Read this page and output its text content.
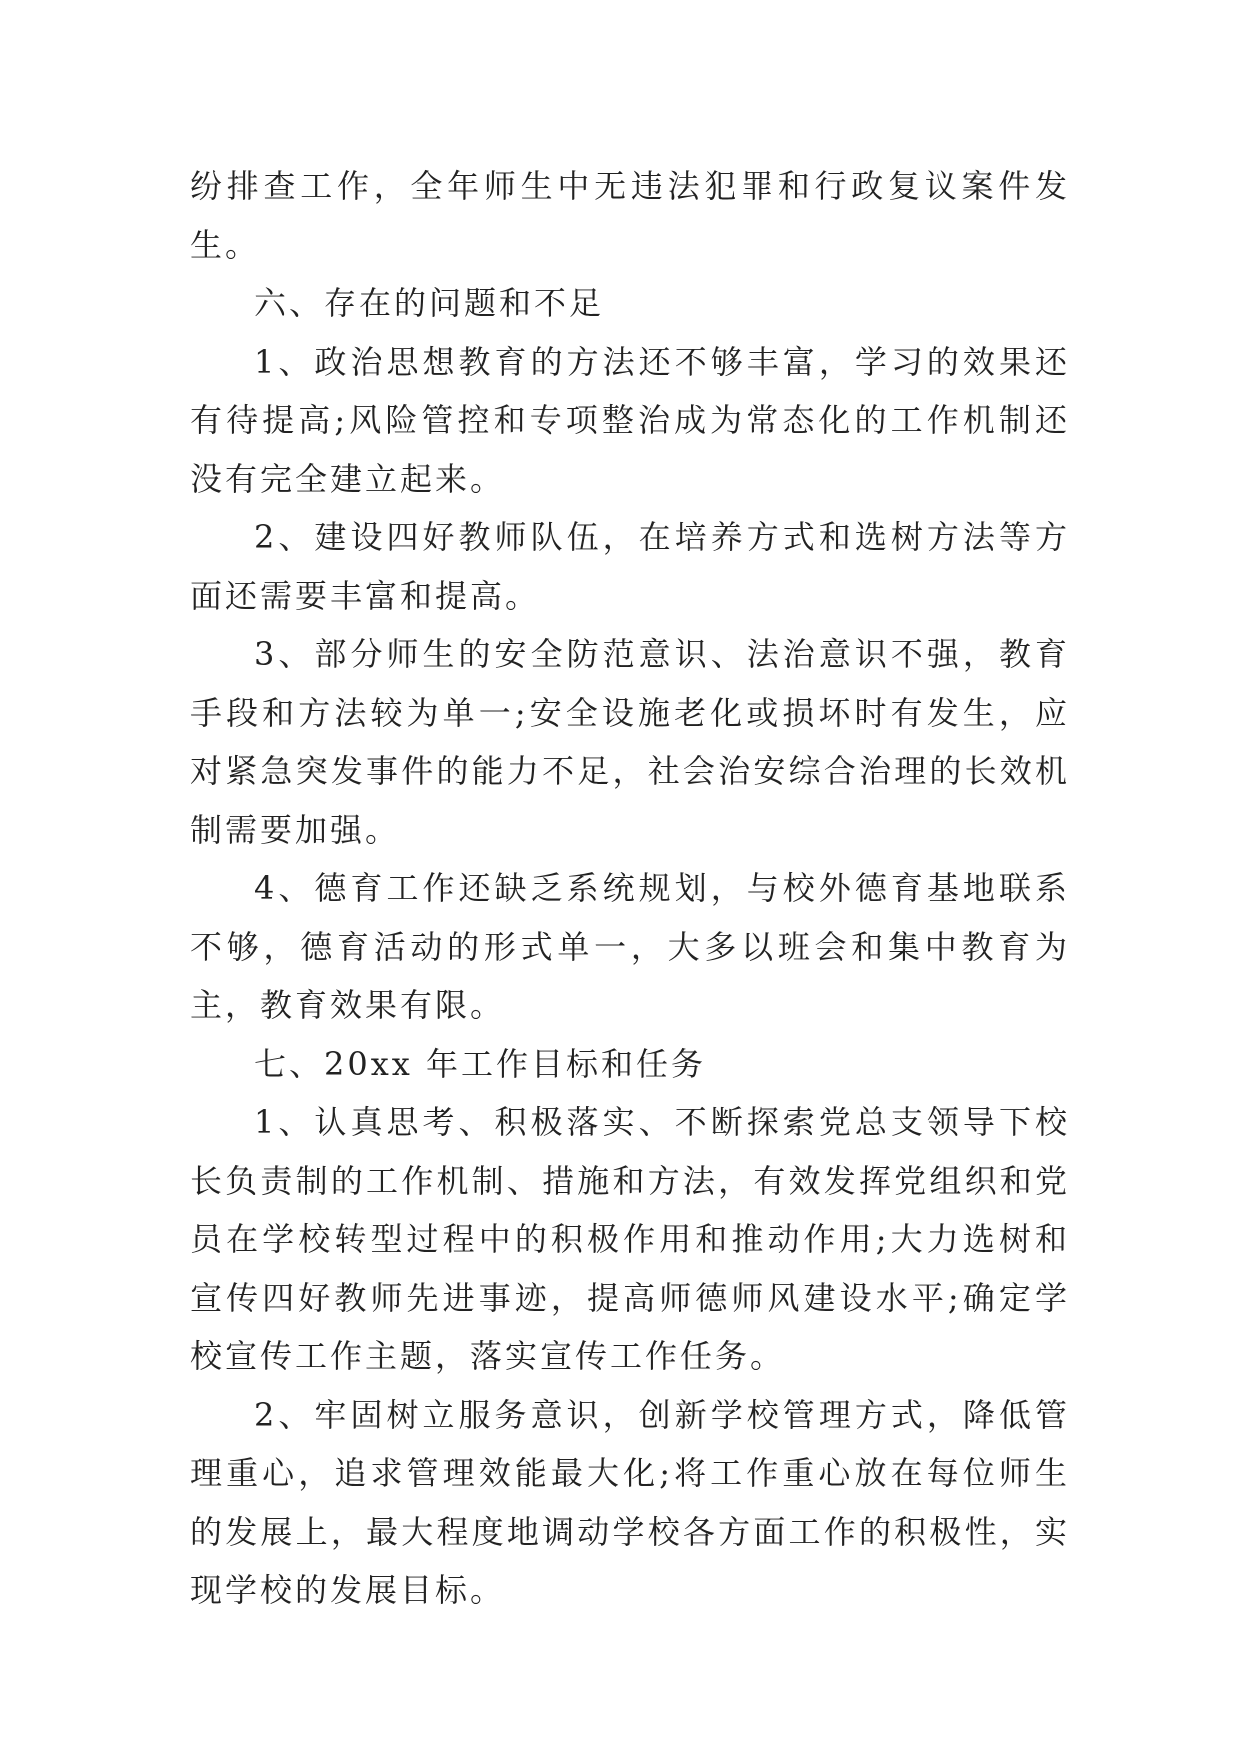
纷排查工作，全年师生中无违法犯罪和行政复议案件发生。

六、存在的问题和不足

1、政治思想教育的方法还不够丰富，学习的效果还有待提高;风险管控和专项整治成为常态化的工作机制还没有完全建立起来。

2、建设四好教师队伍，在培养方式和选树方法等方面还需要丰富和提高。

3、部分师生的安全防范意识、法治意识不强，教育手段和方法较为单一;安全设施老化或损坏时有发生，应对紧急突发事件的能力不足，社会治安综合治理的长效机制需要加强。

4、德育工作还缺乏系统规划，与校外德育基地联系不够，德育活动的形式单一，大多以班会和集中教育为主，教育效果有限。

七、20xx 年工作目标和任务

1、认真思考、积极落实、不断探索党总支领导下校长负责制的工作机制、措施和方法，有效发挥党组织和党员在学校转型过程中的积极作用和推动作用;大力选树和宣传四好教师先进事迹，提高师德师风建设水平;确定学校宣传工作主题，落实宣传工作任务。

2、牢固树立服务意识，创新学校管理方式，降低管理重心，追求管理效能最大化;将工作重心放在每位师生的发展上，最大程度地调动学校各方面工作的积极性，实现学校的发展目标。
